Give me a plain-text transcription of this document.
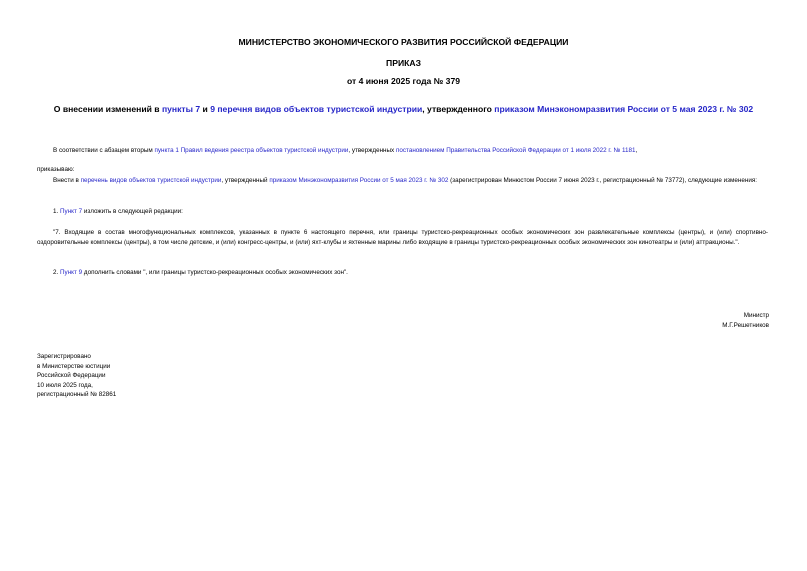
МИНИСТЕРСТВО ЭКОНОМИЧЕСКОГО РАЗВИТИЯ РОССИЙСКОЙ ФЕДЕРАЦИИ
ПРИКАЗ
от 4 июня 2025 года № 379
О внесении изменений в пункты 7 и 9 перечня видов объектов туристской индустрии, утвержденного приказом Минэкономразвития России от 5 мая 2023 г. № 302
В соответствии с абзацем вторым пункта 1 Правил ведения реестра объектов туристской индустрии, утвержденных постановлением Правительства Российской Федерации от 1 июля 2022 г. № 1181,
приказываю:
Внести в перечень видов объектов туристской индустрии, утвержденный приказом Минэкономразвития России от 5 мая 2023 г. № 302 (зарегистрирован Минюстом России 7 июня 2023 г., регистрационный № 73772), следующие изменения:
1. Пункт 7 изложить в следующей редакции:
"7. Входящие в состав многофункциональных комплексов, указанных в пункте 6 настоящего перечня, или границы туристско-рекреационных особых экономических зон развлекательные комплексы (центры), и (или) спортивно-оздоровительные комплексы (центры), в том числе детские, и (или) конгресс-центры, и (или) яхт-клубы и яхтенные марины либо входящие в границы туристско-рекреационных особых экономических зон кинотеатры и (или) аттракционы.".
2. Пункт 9 дополнить словами ", или границы туристско-рекреационных особых экономических зон".
Министр
М.Г.Решетников
Зарегистрировано
в Министерстве юстиции
Российской Федерации
10 июля 2025 года,
регистрационный № 82861
